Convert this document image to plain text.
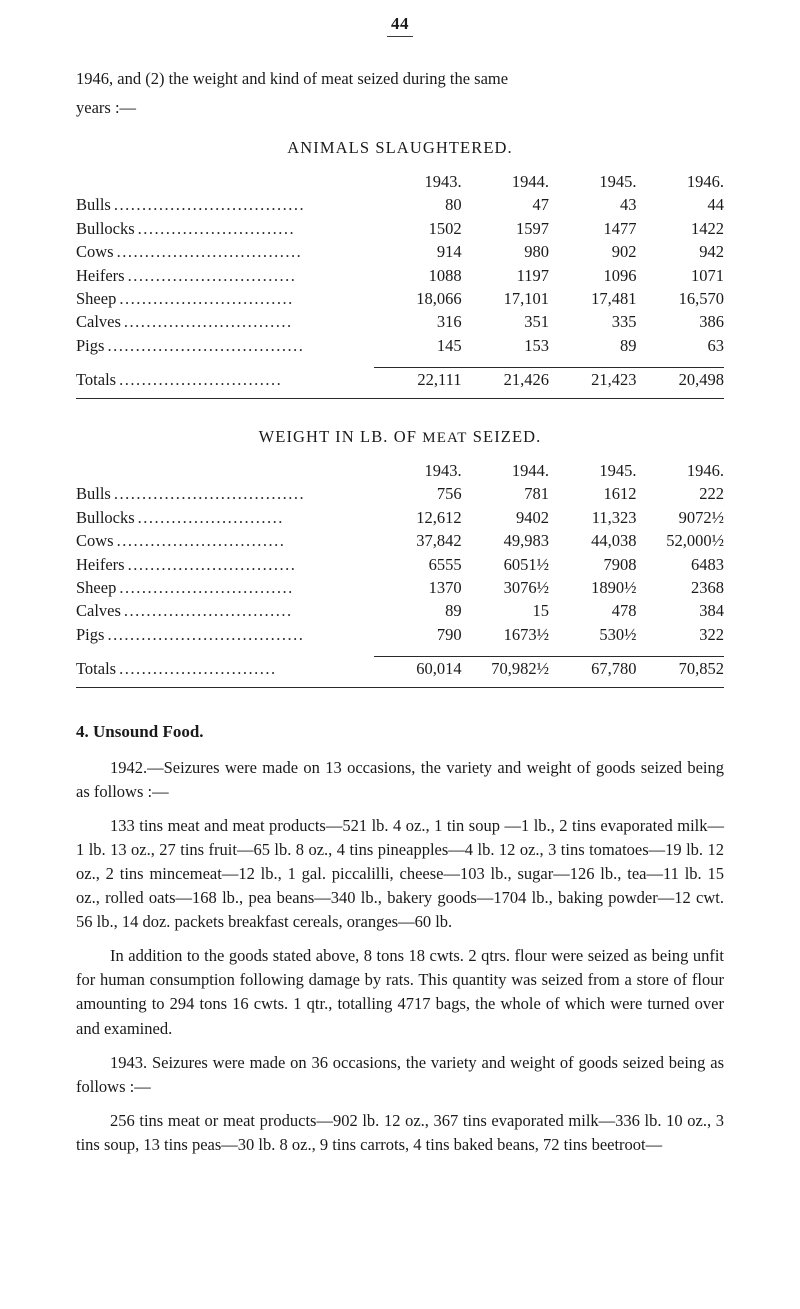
44

1946, and (2) the weight and kind of meat seized during the same

years :—

ANIMALS SLAUGHTERED.
	1943.	1944.	1945.	1946.
Bulls ..................................	80	47	43	44
Bullocks ............................	1502	1597	1477	1422
Cows .................................	914	980	902	942
Heifers ..............................	1088	1197	1096	1071
Sheep ...............................	18,066	17,101	17,481	16,570
Calves ..............................	316	351	335	386
Pigs ...................................	145	153	89	63

Totals .............................	22,111	21,426	21,423	20,498
WEIGHT IN LB. OF MEAT SEIZED.
	1943.	1944.	1945.	1946.
Bulls ..................................	756	781	1612	222
Bullocks ..........................	12,612	9402	11,323	9072½
Cows ..............................	37,842	49,983	44,038	52,000½
Heifers ..............................	6555	6051½	7908	6483
Sheep ...............................	1370	3076½	1890½	2368
Calves ..............................	89	15	478	384
Pigs ...................................	790	1673½	530½	322

Totals ............................	60,014	70,982½	67,780	70,852
4. Unsound Food.

1942.—Seizures were made on 13 occasions, the variety and weight of goods seized being as follows :—

133 tins meat and meat products—521 lb. 4 oz., 1 tin soup —1 lb., 2 tins evaporated milk—1 lb. 13 oz., 27 tins fruit—65 lb. 8 oz., 4 tins pineapples—4 lb. 12 oz., 3 tins tomatoes—19 lb. 12 oz., 2 tins mincemeat—12 lb., 1 gal. piccalilli, cheese—103 lb., sugar—126 lb., tea—11 lb. 15 oz., rolled oats—168 lb., pea beans—340 lb., bakery goods—1704 lb., baking powder—12 cwt. 56 lb., 14 doz. packets breakfast cereals, oranges—60 lb.

In addition to the goods stated above, 8 tons 18 cwts. 2 qtrs. flour were seized as being unfit for human consumption following damage by rats. This quantity was seized from a store of flour amounting to 294 tons 16 cwts. 1 qtr., totalling 4717 bags, the whole of which were turned over and examined.

1943. Seizures were made on 36 occasions, the variety and weight of goods seized being as follows :—

256 tins meat or meat products—902 lb. 12 oz., 367 tins evaporated milk—336 lb. 10 oz., 3 tins soup, 13 tins peas—30 lb. 8 oz., 9 tins carrots, 4 tins baked beans, 72 tins beetroot—
